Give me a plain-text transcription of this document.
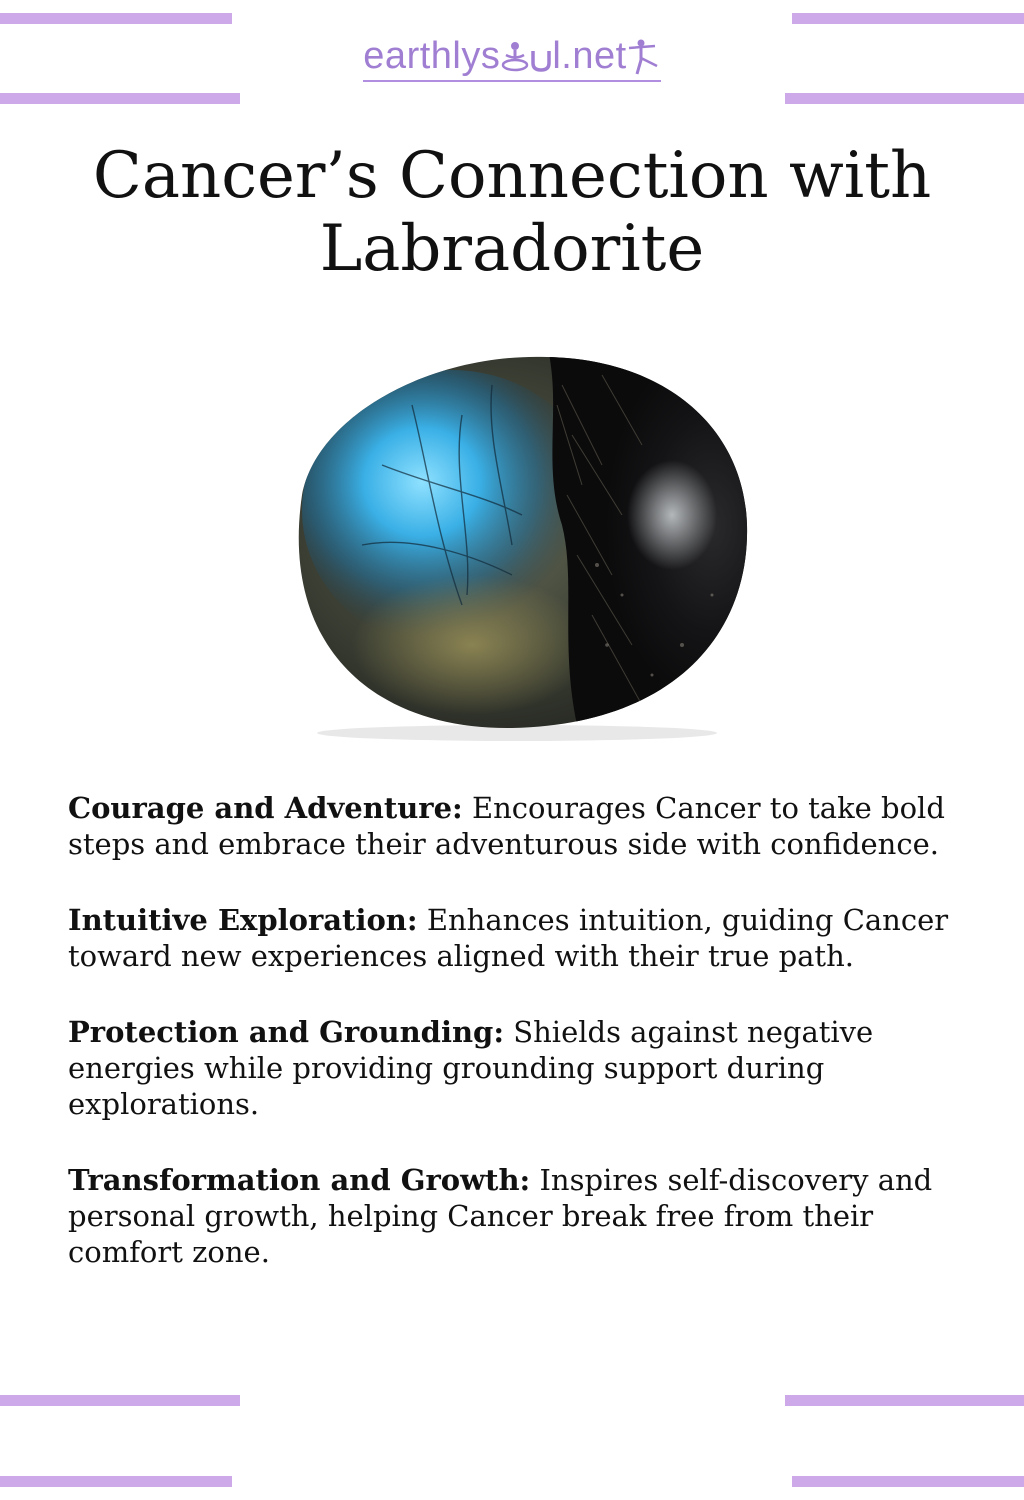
earthlys l.net
Cancer’s Connection with Labradorite

Courage and Adventure: Encourages Cancer to take bold steps and embrace their adventurous side with confidence.

Intuitive Exploration: Enhances intuition, guiding Cancer toward new experiences aligned with their true path.

Protection and Grounding: Shields against negative energies while providing grounding support during explorations.

Transformation and Growth: Inspires self-discovery and personal growth, helping Cancer break free from their comfort zone.
